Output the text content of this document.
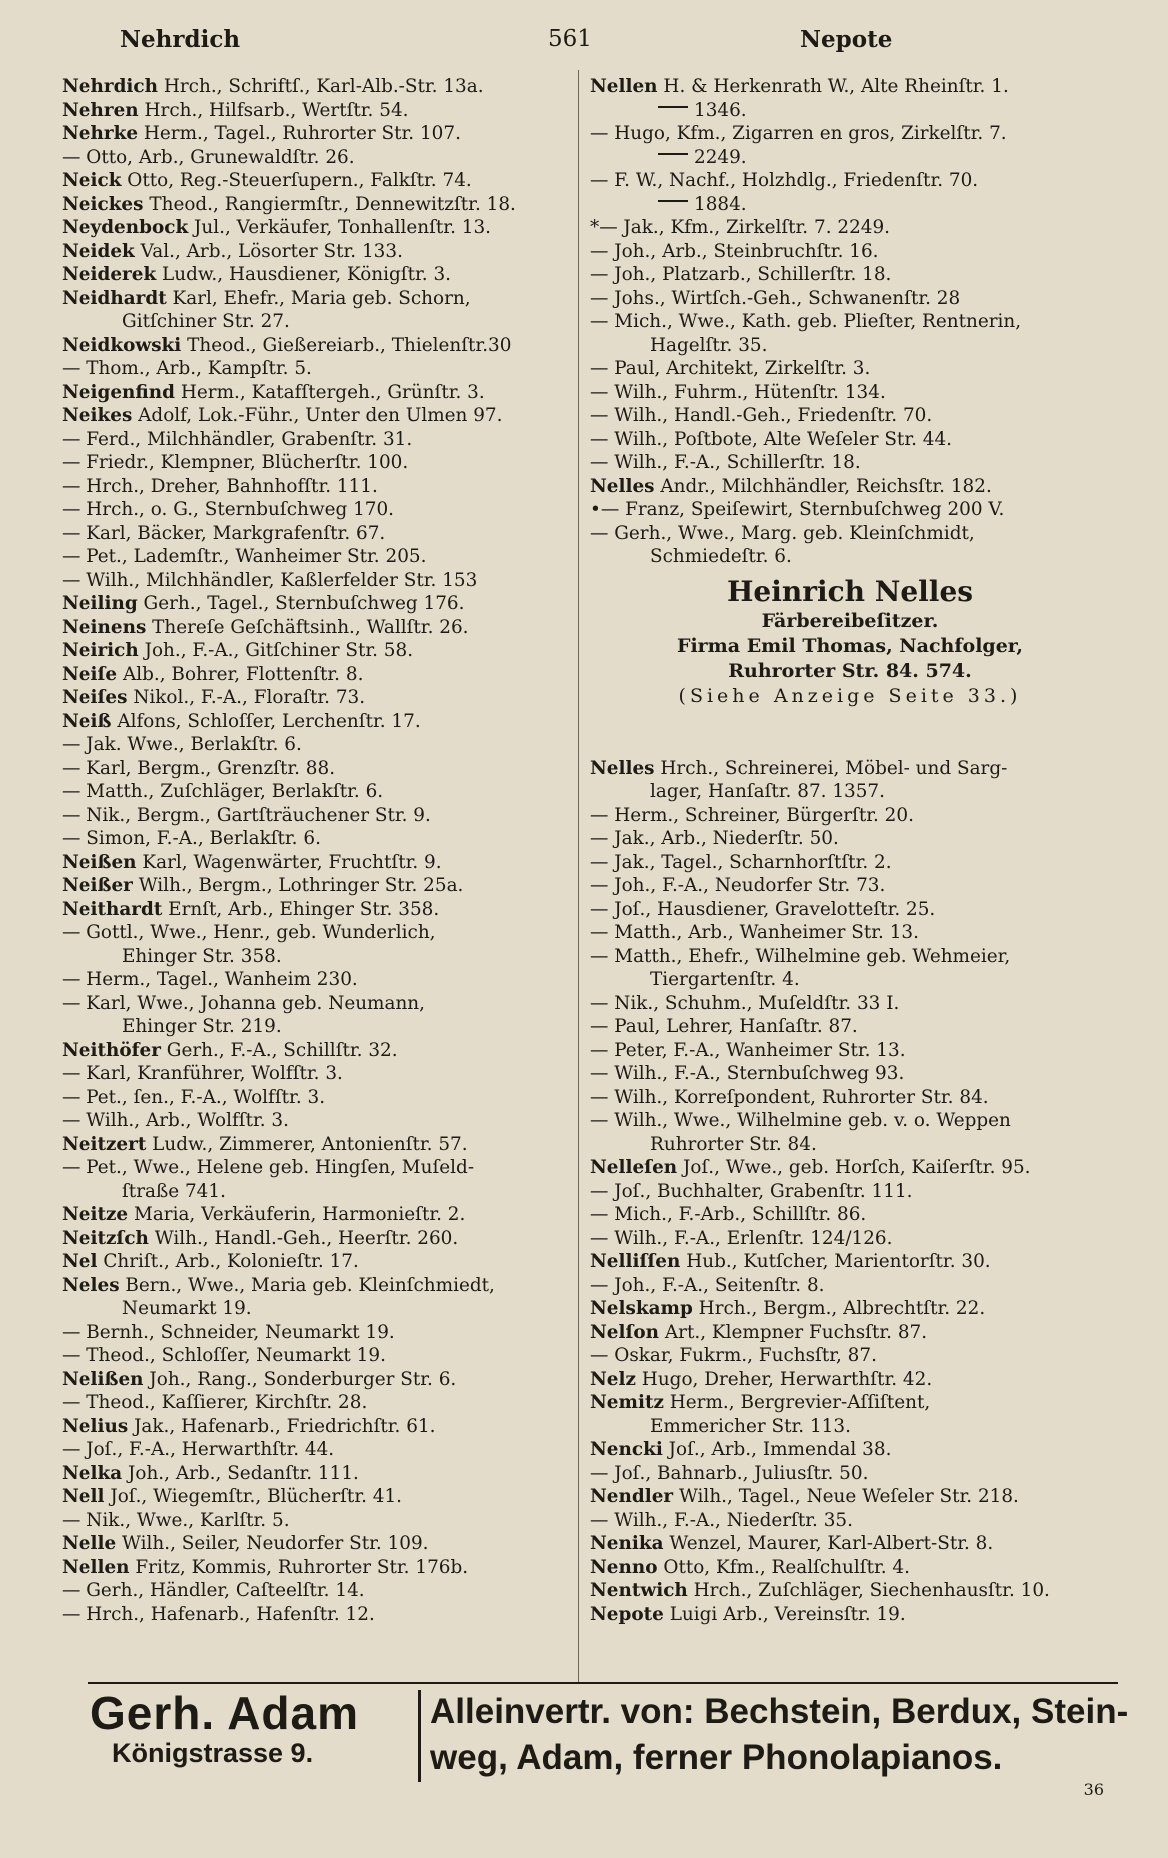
Nehrdich	561	Nepote
Nehrdich Hrch., Schriftſ., Karl-Alb.-Str. 13a.
Nehren Hrch., Hilfsarb., Wertſtr. 54.
Nehrke Herm., Tagel., Ruhrorter Str. 107.
— Otto, Arb., Grunewaldſtr. 26.
Neick Otto, Reg.-Steuerſupern., Falkſtr. 74.
Neickes Theod., Rangiermſtr., Dennewitzſtr. 18.
Neydenbock Jul., Verkäufer, Tonhallenſtr. 13.
Neidek Val., Arb., Lösorter Str. 133.
Neiderek Ludw., Hausdiener, Königſtr. 3.
Neidhardt Karl, Ehefr., Maria geb. Schorn,
Gitſchiner Str. 27.
Neidkowski Theod., Gießereiarb., Thielenſtr.30
— Thom., Arb., Kampſtr. 5.
Neigenfind Herm., Katafſtergeh., Grünſtr. 3.
Neikes Adolf, Lok.-Führ., Unter den Ulmen 97.
— Ferd., Milchhändler, Grabenſtr. 31.
— Friedr., Klempner, Blücherſtr. 100.
— Hrch., Dreher, Bahnhofſtr. 111.
— Hrch., o. G., Sternbuſchweg 170.
— Karl, Bäcker, Markgrafenſtr. 67.
— Pet., Lademſtr., Wanheimer Str. 205.
— Wilh., Milchhändler, Kaßlerfelder Str. 153
Neiling Gerh., Tagel., Sternbuſchweg 176.
Neinens Thereſe Geſchäftsinh., Wallſtr. 26.
Neirich Joh., F.-A., Gitſchiner Str. 58.
Neiſe Alb., Bohrer, Flottenſtr. 8.
Neiſes Nikol., F.-A., Floraſtr. 73.
Neiß Alfons, Schloſſer, Lerchenſtr. 17.
— Jak. Wwe., Berlakſtr. 6.
— Karl, Bergm., Grenzſtr. 88.
— Matth., Zuſchläger, Berlakſtr. 6.
— Nik., Bergm., Gartſträuchener Str. 9.
— Simon, F.-A., Berlakſtr. 6.
Neißen Karl, Wagenwärter, Fruchtſtr. 9.
Neißer Wilh., Bergm., Lothringer Str. 25a.
Neithardt Ernſt, Arb., Ehinger Str. 358.
— Gottl., Wwe., Henr., geb. Wunderlich,
Ehinger Str. 358.
— Herm., Tagel., Wanheim 230.
— Karl, Wwe., Johanna geb. Neumann,
Ehinger Str. 219.
Neithöfer Gerh., F.-A., Schillſtr. 32.
— Karl, Kranführer, Wolfſtr. 3.
— Pet., ſen., F.-A., Wolfſtr. 3.
— Wilh., Arb., Wolfſtr. 3.
Neitzert Ludw., Zimmerer, Antonienſtr. 57.
— Pet., Wwe., Helene geb. Hingſen, Muſeld-
ſtraße 741.
Neitze Maria, Verkäuferin, Harmonieſtr. 2.
Neitzſch Wilh., Handl.-Geh., Heerſtr. 260.
Nel Chriſt., Arb., Kolonieſtr. 17.
Neles Bern., Wwe., Maria geb. Kleinſchmiedt,
Neumarkt 19.
— Bernh., Schneider, Neumarkt 19.
— Theod., Schloſſer, Neumarkt 19.
Nelißen Joh., Rang., Sonderburger Str. 6.
— Theod., Kaſſierer, Kirchſtr. 28.
Nelius Jak., Hafenarb., Friedrichſtr. 61.
— Joſ., F.-A., Herwarthſtr. 44.
Nelka Joh., Arb., Sedanſtr. 111.
Nell Joſ., Wiegemſtr., Blücherſtr. 41.
— Nik., Wwe., Karlſtr. 5.
Nelle Wilh., Seiler, Neudorfer Str. 109.
Nellen Fritz, Kommis, Ruhrorter Str. 176b.
— Gerh., Händler, Caſteelſtr. 14.
— Hrch., Hafenarb., Hafenſtr. 12.
Nellen H. & Herkenrath W., Alte Rheinſtr. 1.
1346.
— Hugo, Kfm., Zigarren en gros, Zirkelſtr. 7.
2249.
— F. W., Nachf., Holzhdlg., Friedenſtr. 70.
1884.
*— Jak., Kfm., Zirkelſtr. 7. 2249.
— Joh., Arb., Steinbruchſtr. 16.
— Joh., Platzarb., Schillerſtr. 18.
— Johs., Wirtſch.-Geh., Schwanenſtr. 28
— Mich., Wwe., Kath. geb. Plieſter, Rentnerin,
Hagelſtr. 35.
— Paul, Architekt, Zirkelſtr. 3.
— Wilh., Fuhrm., Hütenſtr. 134.
— Wilh., Handl.-Geh., Friedenſtr. 70.
— Wilh., Poſtbote, Alte Weſeler Str. 44.
— Wilh., F.-A., Schillerſtr. 18.
Nelles Andr., Milchhändler, Reichsſtr. 182.
•— Franz, Speiſewirt, Sternbuſchweg 200 V.
— Gerh., Wwe., Marg. geb. Kleinſchmidt,
Schmiedeſtr. 6.
Heinrich Nelles
Färbereibeſitzer.
Firma Emil Thomas, Nachfolger,
Ruhrorter Str. 84. 574.
(Siehe Anzeige Seite 33.)
Nelles Hrch., Schreinerei, Möbel- und Sarg-
lager, Hanſaſtr. 87. 1357.
— Herm., Schreiner, Bürgerſtr. 20.
— Jak., Arb., Niederſtr. 50.
— Jak., Tagel., Scharnhorſtſtr. 2.
— Joh., F.-A., Neudorfer Str. 73.
— Joſ., Hausdiener, Gravelotteſtr. 25.
— Matth., Arb., Wanheimer Str. 13.
— Matth., Ehefr., Wilhelmine geb. Wehmeier,
Tiergartenſtr. 4.
— Nik., Schuhm., Muſeldſtr. 33 I.
— Paul, Lehrer, Hanſaſtr. 87.
— Peter, F.-A., Wanheimer Str. 13.
— Wilh., F.-A., Sternbuſchweg 93.
— Wilh., Korreſpondent, Ruhrorter Str. 84.
— Wilh., Wwe., Wilhelmine geb. v. o. Weppen
Ruhrorter Str. 84.
Nelleſen Joſ., Wwe., geb. Horſch, Kaiſerſtr. 95.
— Joſ., Buchhalter, Grabenſtr. 111.
— Mich., F.-Arb., Schillſtr. 86.
— Wilh., F.-A., Erlenſtr. 124/126.
Nelliſſen Hub., Kutſcher, Marientorſtr. 30.
— Joh., F.-A., Seitenſtr. 8.
Nelskamp Hrch., Bergm., Albrechtſtr. 22.
Nelſon Art., Klempner Fuchsſtr. 87.
— Oskar, Fukrm., Fuchsſtr, 87.
Nelz Hugo, Dreher, Herwarthſtr. 42.
Nemitz Herm., Bergrevier-Aſſiſtent,
Emmericher Str. 113.
Nencki Joſ., Arb., Immendal 38.
— Joſ., Bahnarb., Juliusſtr. 50.
Nendler Wilh., Tagel., Neue Weſeler Str. 218.
— Wilh., F.-A., Niederſtr. 35.
Nenika Wenzel, Maurer, Karl-Albert-Str. 8.
Nenno Otto, Kfm., Realſchulſtr. 4.
Nentwich Hrch., Zuſchläger, Siechenhausſtr. 10.
Nepote Luigi Arb., Vereinsſtr. 19.
Gerh. Adam
Königstrasse 9.
Alleinvertr. von: Bechstein, Berdux, Stein-
weg, Adam, ferner Phonolapianos.
36
